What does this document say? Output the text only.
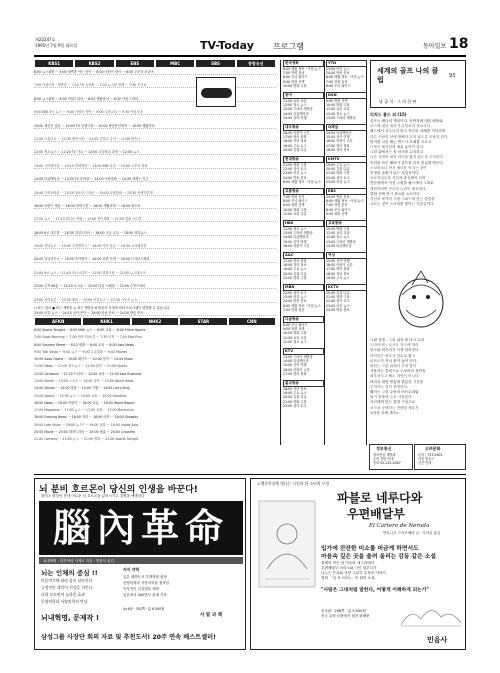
제23247호
1995년 7월 9일 화요일	TV-Today 프로그램	동아일보 18
KBS1	KBS2	EBS	MBC	SBS	종합유선
6:00 뉴스광장 ··· 6:00 새벽을 여는 음악 ··· 6:00 어린이 영어 ··· 6:00 굿모닝 코리아
7:00 아침마당 · 생방송 ··· 7:10 TV 유치원 ··· 7:00 뉴스와 경제 ··· 7:30 모닝쇼
8:00 뉴스광장 ··· 8:30 아침드라마 ··· 8:00 생활영어 ··· 8:30 아침 드라마
9:00 KBS 9시 뉴스 ··· 9:40 가정의 음악 ··· 9:00 수학교실 ··· 9:30 여성시대
10:00 세상은 넓다 ··· 10:00 TV 인생극장 ··· 10:00 방송통신대학 ··· 10:00 생활정보
11:00 스튜디오 ··· 11:30 명작극장 ··· 11:00 중학교 국어 ··· 11:00 연속극
12:00 정오뉴스 ··· 12:20 TV 가요 ··· 12:00 고등학교 과학 ··· 12:00 뉴스
13:00 국악한마당 ··· 13:10 만화영화 ··· 13:00 EBS 특강 ··· 13:00 오후의 영화
14:00 다큐멘터리 ··· 14:30 TV 문학관 ··· 14:00 어학강좌 ··· 14:30 세계는 지금
15:00 가족오락관 ··· 15:20 청소년 드라마 ··· 15:00 교양강좌 ··· 15:30 연예가중계
16:00 어린이 세상 ··· 16:30 만화극장 ··· 16:00 생활과학 ··· 16:00 퀴즈쇼
17:00 뉴스 ··· 17:10 비디오 여행 ··· 17:00 영어회화 ··· 17:30 청춘 시트콤
18:00 6시 내고향 ··· 18:30 일일드라마 ··· 18:00 초등 교실 ··· 18:00 저녁뉴스
19:00 저녁뉴스 ··· 19:40 주말연속극 ··· 19:00 자연 다큐 ··· 19:30 시사매거진
20:00 일일연속극 ··· 20:30 음악캠프 ··· 20:00 문화 산책 ··· 20:00 드라마스페셜
21:00 9시 뉴스 ··· 21:40 미니시리즈 ··· 21:00 명화극장 ··· 21:00 뉴스데스크
22:00 추적 60분 ··· 22:10 토크쇼 ··· 22:00 다큐 스페셜 ··· 22:00 수목드라마
23:00 심야토론 ··· 23:30 영화 ··· 23:00 마감뉴스 ··· 23:30 스포츠 뉴스
24:00 마감 뉴스 ··· 24:10 심야 음악 ··· 24:00 방송 종료 ··· 24:30 방송 종료
○ 표는 컬러 ● 표는 재방송 ◎ 표는 생방송 ※ 방송사 사정에 따라 프로그램이 변경될 수 있습니다
AFKN	NHK1	NHK2	STAR	CNN
6:00 Sports Tonight ··· 6:00 NHK 뉴스 ··· 6:00 교육 ··· 6:00 Prime Sports
7:00 Good Morning ··· 7:00 연속 TV소설 ··· 7:30 어학 ··· 7:00 Star Plus
8:00 Sesame Street ··· 8:15 생활 ··· 8:00 교육 ··· 8:00 Asia News
9:00 Talk Show ··· 9:00 뉴스 ··· 9:00 고교강좌 ··· 9:00 Movies
10:00 Soap Opera ··· 10:00 와이드 ··· 10:00 음악 ··· 10:00 Music
11:00 News ··· 11:00 정오뉴스 ··· 11:00 취미 ··· 11:00 Sports
12:00 Cartoons ··· 12:20 드라마 ··· 12:00 교양 ··· 12:00 Asia Business
13:00 Movie ··· 13:00 스포츠 ··· 13:00 음악 ··· 13:00 World News
14:00 Sitcom ··· 14:00 영화 ··· 14:00 기행 ··· 14:00 Larry King
15:00 Sports ··· 15:30 뉴스 ··· 15:00 교육 ··· 15:00 Headline
16:00 News ··· 16:00 어린이 ··· 16:00 다큐 ··· 16:00 World Report
17:00 Magazine ··· 17:00 뉴스 ··· 17:00 교양 ··· 17:00 Moneyline
18:00 Evening News ··· 18:00 저녁 ··· 18:00 어학 ··· 18:00 Showbiz
19:00 Late Show ··· 19:00 뉴스7 ··· 19:00 문화 ··· 19:00 Inside Asia
20:00 Movie ··· 20:00 대하드라마 ··· 20:00 예술 ··· 20:00 Crossfire
21:00 Comedy ··· 21:00 뉴스 ··· 21:00 영화 ··· 21:00 Sports Tonight
한국영화
6:00 생활 정보 · 아침 뉴스
7:00 만화 동산
8:00 모닝 와이드
9:00 영화 산책
10:00 명화 극장
동아
11:00 요리 교실
12:00 정오 뉴스
13:00 드라마 재방송
14:00 다큐멘터리
15:00 음악 여행
대우방송
16:00 어린이 시간
17:00 영어 회화
18:00 저녁 정보
19:00 주요 뉴스
20:00 특집 다큐
현대방송
21:00 영화 극장
22:00 심야 토크
23:00 마감 뉴스
24:00 방송 종료
6:00 생활 정보 · 아침 뉴스
교통방송
7:00 만화 동산
8:00 모닝 와이드
9:00 영화 산책
10:00 명화 극장
11:00 요리 교실
HBS
12:00 정오 뉴스
13:00 드라마 재방송
14:00 다큐멘터리
15:00 음악 여행
16:00 어린이 시간
A&C
17:00 영어 회화
18:00 저녁 정보
19:00 주요 뉴스
20:00 특집 다큐
21:00 영화 극장
MBN
22:00 심야 토크
23:00 마감 뉴스
24:00 방송 종료
6:00 생활 정보 · 아침 뉴스
7:00 만화 동산
다솜방송
8:00 모닝 와이드
9:00 영화 산책
10:00 명화 극장
11:00 요리 교실
12:00 정오 뉴스
KTV
13:00 드라마 재방송
14:00 다큐멘터리
15:00 음악 여행
16:00 어린이 시간
17:00 영어 회화
불교방송
18:00 저녁 정보
19:00 주요 뉴스
20:00 특집 다큐
21:00 영화 극장
22:00 심야 토크
YTN
23:00 마감 뉴스
24:00 방송 종료
6:00 생활 정보 · 아침 뉴스
7:00 만화 동산
8:00 모닝 와이드
DSN
9:00 영화 산책
10:00 명화 극장
11:00 요리 교실
12:00 정오 뉴스
13:00 드라마 재방송
Q채널
14:00 다큐멘터리
15:00 음악 여행
16:00 어린이 시간
17:00 영어 회화
18:00 저녁 정보
KMTV
19:00 주요 뉴스
20:00 특집 다큐
21:00 영화 극장
22:00 심야 토크
23:00 마감 뉴스
EBS
24:00 방송 종료
6:00 생활 정보 · 아침 뉴스
7:00 만화 동산
8:00 모닝 와이드
9:00 영화 산책
교육방송
10:00 명화 극장
11:00 요리 교실
12:00 정오 뉴스
13:00 드라마 재방송
14:00 다큐멘터리
여성
15:00 음악 여행
16:00 어린이 시간
17:00 영어 회화
18:00 저녁 정보
19:00 주요 뉴스
KCTV
20:00 특집 다큐
21:00 영화 극장
22:00 심야 토크
23:00 마감 뉴스
24:00 방송 종료
세계의 골프 나의 클럽	93
남 궁 석 · 그 리 한 판
리처드 볼드 외 (15)
골프는 매너의 게임이다. 동반자에 대한 배려와
코스에 대한 예의가 무엇보다 중요하다.
필드에서 서두르지 말고 자신의 차례를 기다리며
다른 사람의 샷에 방해가 되지 않도록 조용히 한다.
벙커를 나올 때는 반드시 모래를 고르고
디벗은 제자리에 메워 놓아야 한다.
그린 위에서는 볼 마크를 수리하고
다른 사람의 퍼팅 라인을 밟지 않도록 주의한다.
이러한 작은 배려가 골프를 더욱 즐겁게 만든다.
스코어보다 먼저 매너를 익히는 것이
진정한 골퍼가 되는 첫걸음이다.
초보자일수록 기본에 충실해야 하며
연습장에서 익힌 스윙을 필드에서 그대로
재현하려면 꾸준한 노력이 필요하다.
클럽 선택 역시 중요한 요소이다.
자신의 체격과 스윙 스피드에 맞는 클럽을
고르는 것이 스코어를 줄이는 지름길이다.
그림 설명 : 그린 위의 볼 마크 수리
드라이버는 로프트 각도에 따라
탄도와 비거리가 크게 달라진다.
아이언은 번호가 클수록 짧고
로프트가 커서 볼이 높이 뜬다.
퍼터는 그린 위에서 가장 많이
사용하는 클럽으로 스코어의 절반을
좌우한다고 해도 과언이 아니다.
따라서 퍼팅 연습에 충분한 시간을
투자하는 것이 현명하다.
웨지는 그린 주변의 어프로치와
벙커 탈출에 주로 사용된다.
자신에게 맞는 클럽 구성으로
코스를 공략하는 전략을 세우자.
<다음 호에 계속>
고려문화
문의 : 733-2901
서울 종로구
신간 안내
정보통신
정보통신 개방과
무역 상담 안내
전화 02-123-4567
뇌 분비 호르몬이 당신의 인생을 바꾼다!
플러스 발상이 몸에 이로운 뇌 호르몬을 분비시키고 질병을 예방한다
腦內革命
뇌내혁명 · 하루야마 시게오 지음 · 반광식 옮김
뇌는 인체의 중심 !!
마음먹기에 따라 몸이 달라진다
긍정적인 생각이 건강을 지킨다
뇌내 모르핀의 놀라운 효과
동양의학과 서양의학의 만남
저자 약력
일본 덴엔도시 후생병원 원장
동양의학과 서양의학을 접목한
독자적인 건강법을 제창
일본에서 400만부 판매 기록
4×6판 · 352쪽 · 값 6,500원
뇌내혁명, 문제작 !
삼성그룹 사장단 회의 자료 및 추천도서! 20주 연속 베스트셀러!
사 람 과 책
노벨문학상에 빛나는 시인과 한 소년의 우정
파블로 네루다와
우편배달부
El Cartero de Neruda
안토니오 스카르메타 글 · 우석균 옮김
입가에 잔잔한 미소를 머금게 하면서도
마음속 깊은 곳을 울려 올리는 감동 같은 소설
칠레의 작은 섬 이슬라 네그라에서
우편배달부 마리오와 시인 네루다가
나누는 은유와 사랑 그리고 우정의 이야기.
영화 「일 포스티노」의 원작 소설.
"사람은 그대처럼 말한다, 어떻게 이해하게 되는가"
신국판 · 208쪽 · 값 5,500원
전국 유명 서점에서 절찬 판매중
민음사
